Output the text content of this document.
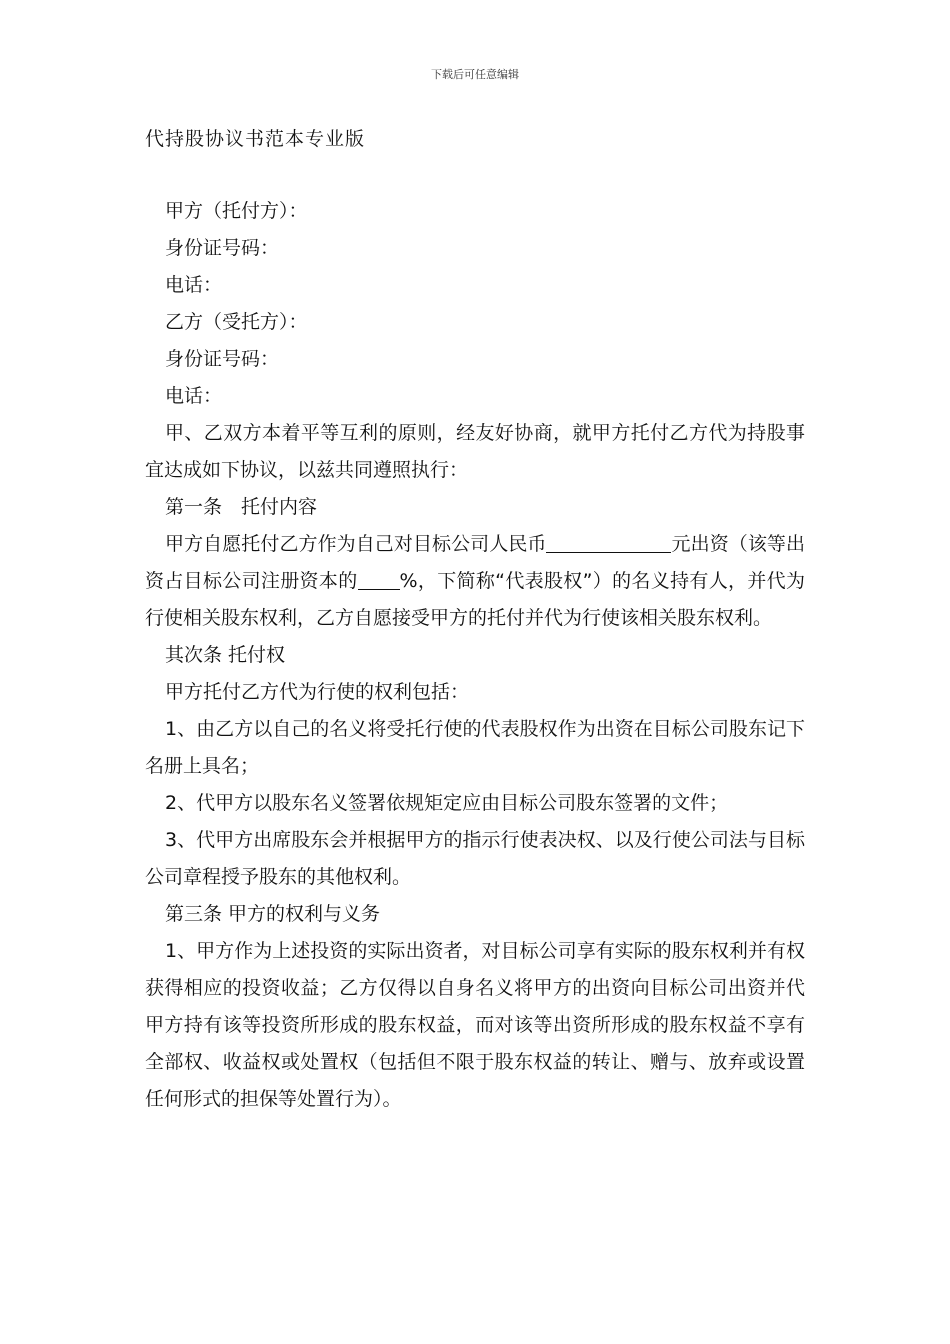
下载后可任意编辑
代持股协议书范本专业版

甲方（托付方）：

身份证号码：

电话：

乙方（受托方）：

身份证号码：

电话：

甲、乙双方本着平等互利的原则，经友好协商，就甲方托付乙方代为持股事宜达成如下协议，以兹共同遵照执行：

第一条　托付内容

甲方自愿托付乙方作为自己对目标公司人民币	元出资（该等出资占目标公司注册资本的 %，下简称“代表股权”）的名义持有人，并代为行使相关股东权利，乙方自愿接受甲方的托付并代为行使该相关股东权利。

其次条 托付权

甲方托付乙方代为行使的权利包括：

1、由乙方以自己的名义将受托行使的代表股权作为出资在目标公司股东记下名册上具名；

2、代甲方以股东名义签署依规矩定应由目标公司股东签署的文件；

3、代甲方出席股东会并根据甲方的指示行使表决权、以及行使公司法与目标公司章程授予股东的其他权利。

第三条 甲方的权利与义务

1、甲方作为上述投资的实际出资者，对目标公司享有实际的股东权利并有权获得相应的投资收益；乙方仅得以自身名义将甲方的出资向目标公司出资并代甲方持有该等投资所形成的股东权益，而对该等出资所形成的股东权益不享有全部权、收益权或处置权（包括但不限于股东权益的转让、赠与、放弃或设置任何形式的担保等处置行为）。
